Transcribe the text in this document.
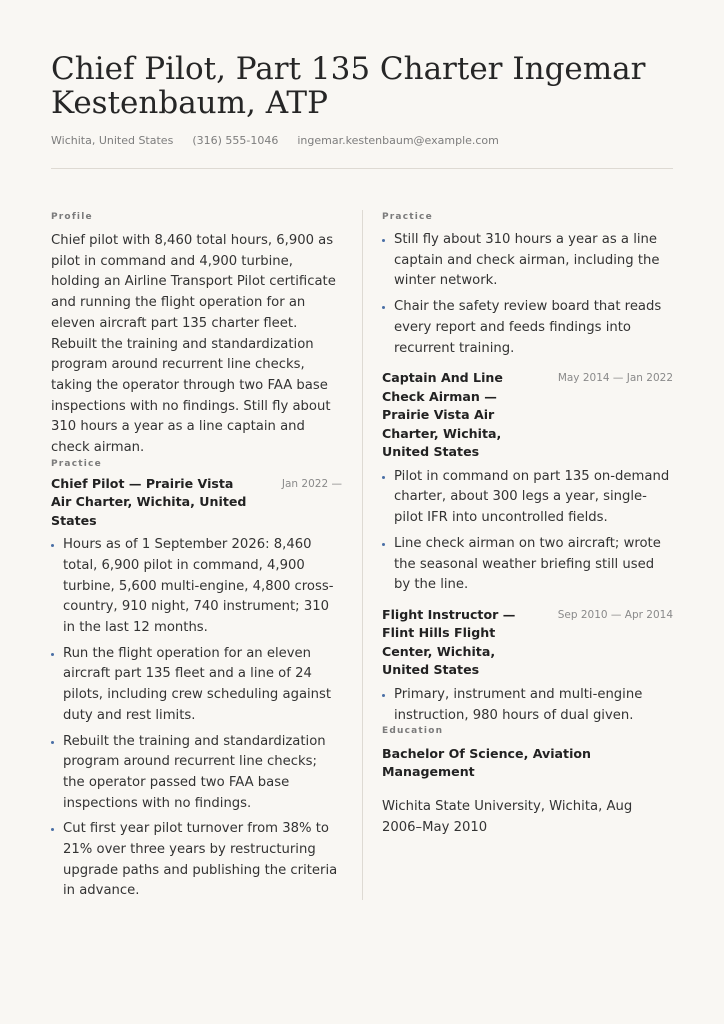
Chief Pilot, Part 135 Charter Ingemar Kestenbaum, ATP
Wichita, United States (316) 555-1046 ingemar.kestenbaum@example.com

Profile

Chief pilot with 8,460 total hours, 6,900 as pilot in command and 4,900 turbine, holding an Airline Transport Pilot certificate and running the flight operation for an eleven aircraft part 135 charter fleet. Rebuilt the training and standardization program around recurrent line checks, taking the operator through two FAA base inspections with no findings. Still fly about 310 hours a year as a line captain and check airman.

Practice

Chief Pilot — Prairie Vista Air Charter, Wichita, United States
Jan 2022 —
Hours as of 1 September 2026: 8,460 total, 6,900 pilot in command, 4,900 turbine, 5,600 multi-engine, 4,800 cross-country, 910 night, 740 instrument; 310 in the last 12 months.
Run the flight operation for an eleven aircraft part 135 fleet and a line of 24 pilots, including crew scheduling against duty and rest limits.
Rebuilt the training and standardization program around recurrent line checks; the operator passed two FAA base inspections with no findings.
Cut first year pilot turnover from 38% to 21% over three years by restructuring upgrade paths and publishing the criteria in advance.

Practice

Still fly about 310 hours a year as a line captain and check airman, including the winter network.
Chair the safety review board that reads every report and feeds findings into recurrent training.
Captain And Line Check Airman — Prairie Vista Air Charter, Wichita, United States
May 2014 — Jan 2022
Pilot in command on part 135 on-demand charter, about 300 legs a year, single-pilot IFR into uncontrolled fields.
Line check airman on two aircraft; wrote the seasonal weather briefing still used by the line.
Flight Instructor — Flint Hills Flight Center, Wichita, United States
Sep 2010 — Apr 2014
Primary, instrument and multi-engine instruction, 980 hours of dual given.

Education

Bachelor Of Science, Aviation Management
Wichita State University, Wichita, Aug 2006–May 2010
